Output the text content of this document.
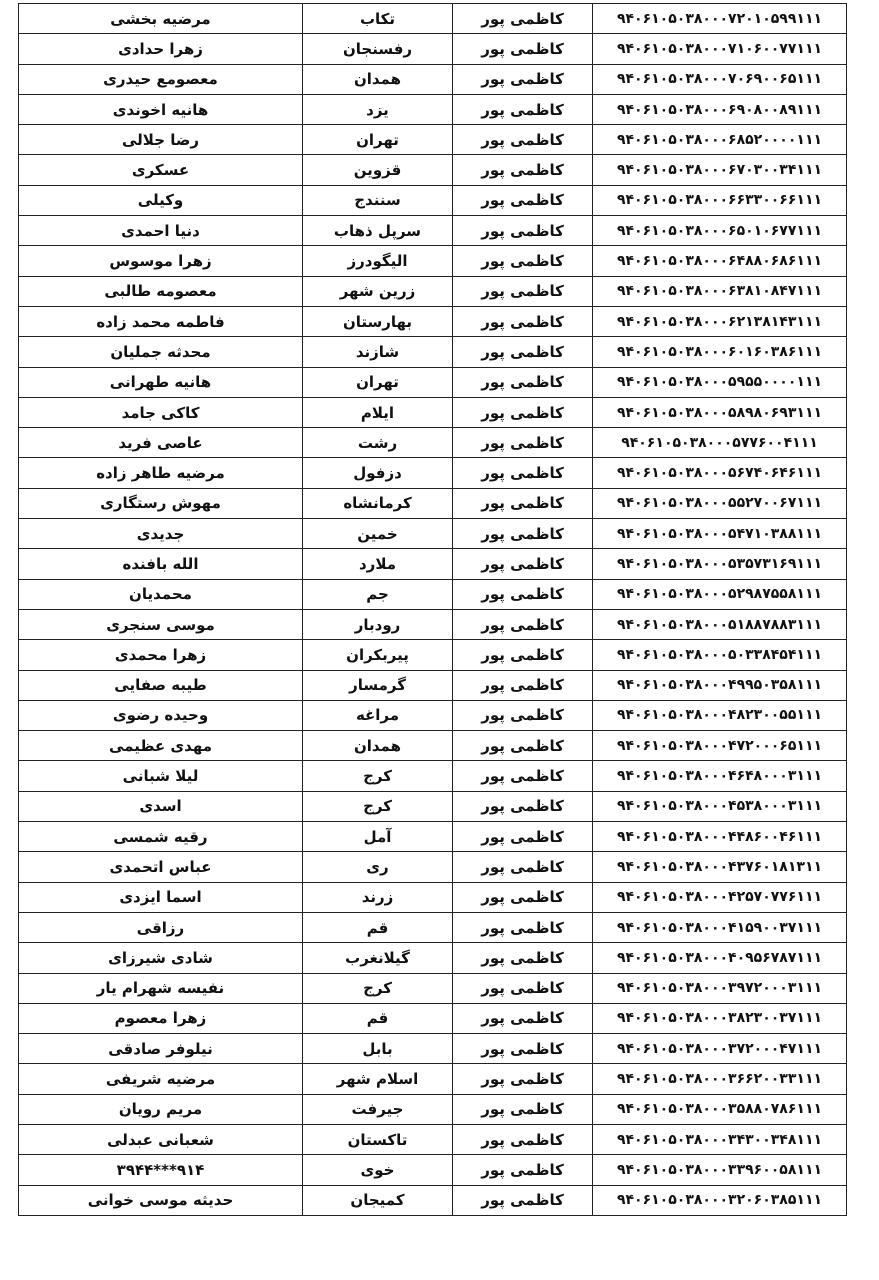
۹۴۰۶۱۰۵۰۳۸۰۰۰۷۲۰۱۰۵۹۹۱۱۱	کاظمی پور	تکاب	مرضیه بخشی
۹۴۰۶۱۰۵۰۳۸۰۰۰۷۱۰۶۰۰۷۷۱۱۱	کاظمی پور	رفسنجان	زهرا حدادی
۹۴۰۶۱۰۵۰۳۸۰۰۰۷۰۶۹۰۰۶۵۱۱۱	کاظمی پور	همدان	معصومع حیدری
۹۴۰۶۱۰۵۰۳۸۰۰۰۶۹۰۸۰۰۸۹۱۱۱	کاظمی پور	یزد	هانیه اخوندی
۹۴۰۶۱۰۵۰۳۸۰۰۰۶۸۵۲۰۰۰۰۱۱۱	کاظمی پور	تهران	رضا جلالی
۹۴۰۶۱۰۵۰۳۸۰۰۰۶۷۰۳۰۰۳۴۱۱۱	کاظمی پور	قزوین	عسکری
۹۴۰۶۱۰۵۰۳۸۰۰۰۶۶۳۳۰۰۶۶۱۱۱	کاظمی پور	سنندج	وکیلی
۹۴۰۶۱۰۵۰۳۸۰۰۰۶۵۰۱۰۶۷۷۱۱۱	کاظمی پور	سرپل ذهاب	دنیا احمدی
۹۴۰۶۱۰۵۰۳۸۰۰۰۶۴۸۸۰۶۸۶۱۱۱	کاظمی پور	الیگودرز	زهرا موسوس
۹۴۰۶۱۰۵۰۳۸۰۰۰۶۳۸۱۰۸۴۷۱۱۱	کاظمی پور	زرین شهر	معصومه طالبی
۹۴۰۶۱۰۵۰۳۸۰۰۰۶۲۱۳۸۱۴۳۱۱۱	کاظمی پور	بهارستان	فاطمه محمد زاده
۹۴۰۶۱۰۵۰۳۸۰۰۰۶۰۱۶۰۳۸۶۱۱۱	کاظمی پور	شازند	محدثه جملیان
۹۴۰۶۱۰۵۰۳۸۰۰۰۵۹۵۵۰۰۰۰۱۱۱	کاظمی پور	تهران	هانیه طهرانی
۹۴۰۶۱۰۵۰۳۸۰۰۰۵۸۹۸۰۶۹۳۱۱۱	کاظمی پور	ایلام	کاکی جامد
۹۴۰۶۱۰۵۰۳۸۰۰۰۵۷۷۶۰۰۴۱۱۱	کاظمی پور	رشت	عاصی فرید
۹۴۰۶۱۰۵۰۳۸۰۰۰۵۶۷۴۰۶۴۶۱۱۱	کاظمی پور	دزفول	مرضیه طاهر زاده
۹۴۰۶۱۰۵۰۳۸۰۰۰۵۵۲۷۰۰۶۷۱۱۱	کاظمی پور	کرمانشاه	مهوش رستگاری
۹۴۰۶۱۰۵۰۳۸۰۰۰۵۴۷۱۰۳۸۸۱۱۱	کاظمی پور	خمین	جدیدی
۹۴۰۶۱۰۵۰۳۸۰۰۰۵۳۵۷۳۱۶۹۱۱۱	کاظمی پور	ملارد	الله بافنده
۹۴۰۶۱۰۵۰۳۸۰۰۰۵۲۹۸۷۵۵۸۱۱۱	کاظمی پور	جم	محمدیان
۹۴۰۶۱۰۵۰۳۸۰۰۰۵۱۸۸۷۸۸۳۱۱۱	کاظمی پور	رودبار	موسی سنجری
۹۴۰۶۱۰۵۰۳۸۰۰۰۵۰۳۳۸۴۵۴۱۱۱	کاظمی پور	پیربکران	زهرا محمدی
۹۴۰۶۱۰۵۰۳۸۰۰۰۴۹۹۵۰۳۵۸۱۱۱	کاظمی پور	گرمسار	طیبه صفایی
۹۴۰۶۱۰۵۰۳۸۰۰۰۴۸۲۳۰۰۵۵۱۱۱	کاظمی پور	مراغه	وحیده رضوی
۹۴۰۶۱۰۵۰۳۸۰۰۰۴۷۲۰۰۰۶۵۱۱۱	کاظمی پور	همدان	مهدی عظیمی
۹۴۰۶۱۰۵۰۳۸۰۰۰۴۶۴۸۰۰۰۳۱۱۱	کاظمی پور	کرج	لیلا شبانی
۹۴۰۶۱۰۵۰۳۸۰۰۰۴۵۳۸۰۰۰۳۱۱۱	کاظمی پور	کرج	اسدی
۹۴۰۶۱۰۵۰۳۸۰۰۰۴۴۸۶۰۰۴۶۱۱۱	کاظمی پور	آمل	رقیه شمسی
۹۴۰۶۱۰۵۰۳۸۰۰۰۴۳۷۶۰۱۸۱۳۱۱	کاظمی پور	ری	عباس اتحمدی
۹۴۰۶۱۰۵۰۳۸۰۰۰۴۲۵۷۰۷۷۶۱۱۱	کاظمی پور	زرند	اسما ایزدی
۹۴۰۶۱۰۵۰۳۸۰۰۰۴۱۵۹۰۰۳۷۱۱۱	کاظمی پور	قم	رزاقی
۹۴۰۶۱۰۵۰۳۸۰۰۰۴۰۹۵۶۷۸۷۱۱۱	کاظمی پور	گیلانغرب	شادی شیرزای
۹۴۰۶۱۰۵۰۳۸۰۰۰۳۹۷۲۰۰۰۳۱۱۱	کاظمی پور	کرج	نفیسه شهرام یار
۹۴۰۶۱۰۵۰۳۸۰۰۰۳۸۲۳۰۰۳۷۱۱۱	کاظمی پور	قم	زهرا معصوم
۹۴۰۶۱۰۵۰۳۸۰۰۰۳۷۲۰۰۰۴۷۱۱۱	کاظمی پور	بابل	نیلوفر صادقی
۹۴۰۶۱۰۵۰۳۸۰۰۰۳۶۶۲۰۰۳۳۱۱۱	کاظمی پور	اسلام شهر	مرضیه شریفی
۹۴۰۶۱۰۵۰۳۸۰۰۰۳۵۸۸۰۷۸۶۱۱۱	کاظمی پور	جیرفت	مریم رویان
۹۴۰۶۱۰۵۰۳۸۰۰۰۳۴۳۰۰۳۴۸۱۱۱	کاظمی پور	تاکستان	شعبانی عبدلی
۹۴۰۶۱۰۵۰۳۸۰۰۰۳۳۹۶۰۰۵۸۱۱۱	کاظمی پور	خوی	۹۱۴***۳۹۴۴
۹۴۰۶۱۰۵۰۳۸۰۰۰۳۲۰۶۰۳۸۵۱۱۱	کاظمی پور	کمیجان	حدیثه موسی خوانی
